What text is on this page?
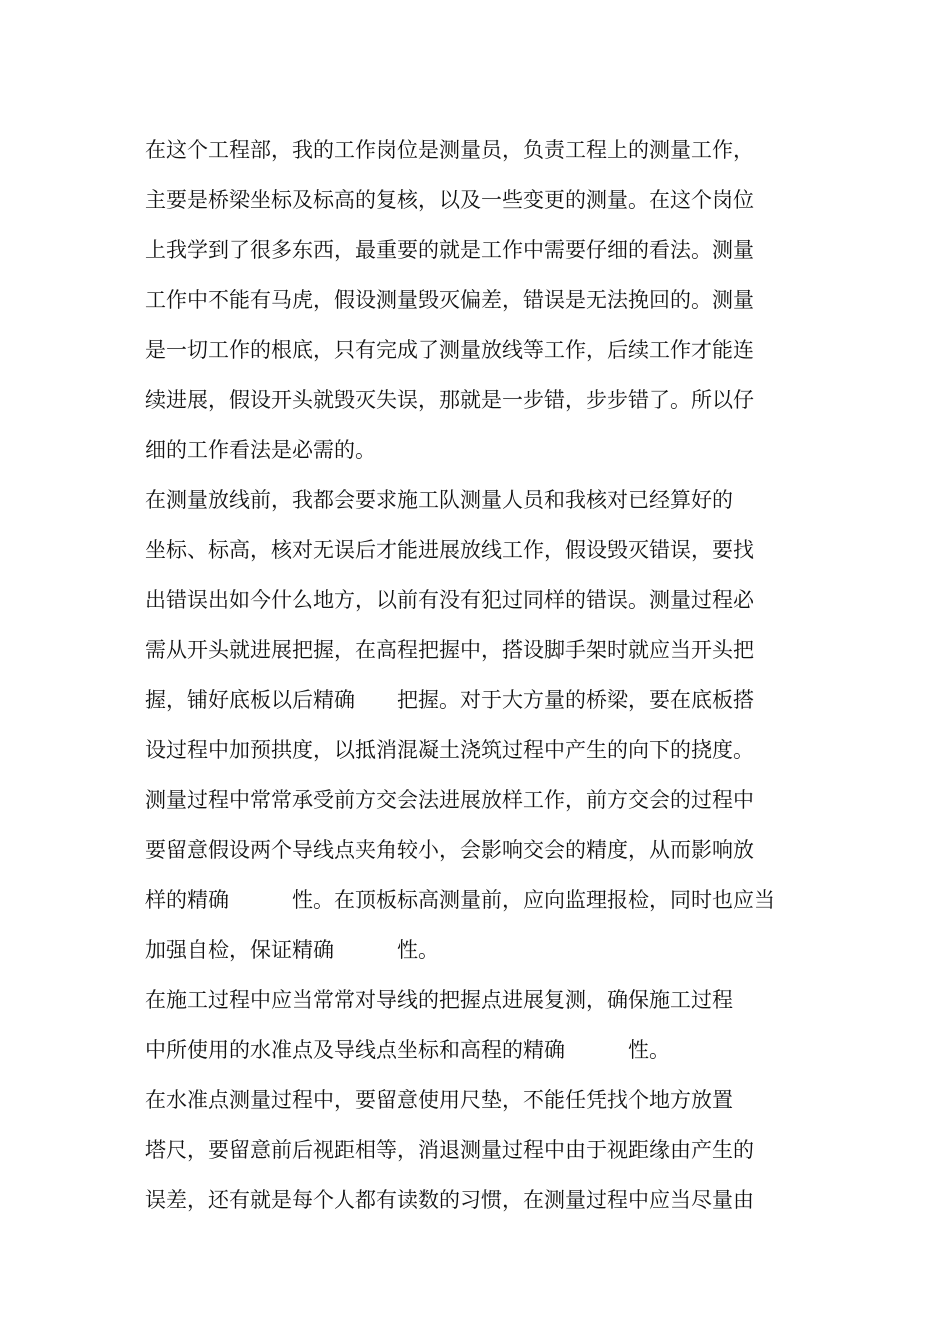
在这个工程部，我的工作岗位是测量员，负责工程上的测量工作，
主要是桥梁坐标及标高的复核，以及一些变更的测量。在这个岗位
上我学到了很多东西，最重要的就是工作中需要仔细的看法。测量
工作中不能有马虎，假设测量毁灭偏差，错误是无法挽回的。测量
是一切工作的根底，只有完成了测量放线等工作，后续工作才能连
续进展，假设开头就毁灭失误，那就是一步错，步步错了。所以仔
细的工作看法是必需的。
在测量放线前，我都会要求施工队测量人员和我核对已经算好的
坐标、标高，核对无误后才能进展放线工作，假设毁灭错误，要找
出错误出如今什么地方，以前有没有犯过同样的错误。测量过程必
需从开头就进展把握，在高程把握中，搭设脚手架时就应当开头把
握，铺好底板以后精确　　把握。对于大方量的桥梁，要在底板搭
设过程中加预拱度，以抵消混凝土浇筑过程中产生的向下的挠度。
测量过程中常常承受前方交会法进展放样工作，前方交会的过程中
要留意假设两个导线点夹角较小，会影响交会的精度，从而影响放
样的精确　　　性。在顶板标高测量前，应向监理报检，同时也应当
加强自检，保证精确　　　性。
在施工过程中应当常常对导线的把握点进展复测，确保施工过程
中所使用的水准点及导线点坐标和高程的精确　　　性。
在水准点测量过程中，要留意使用尺垫，不能任凭找个地方放置
塔尺，要留意前后视距相等，消退测量过程中由于视距缘由产生的
误差，还有就是每个人都有读数的习惯，在测量过程中应当尽量由
